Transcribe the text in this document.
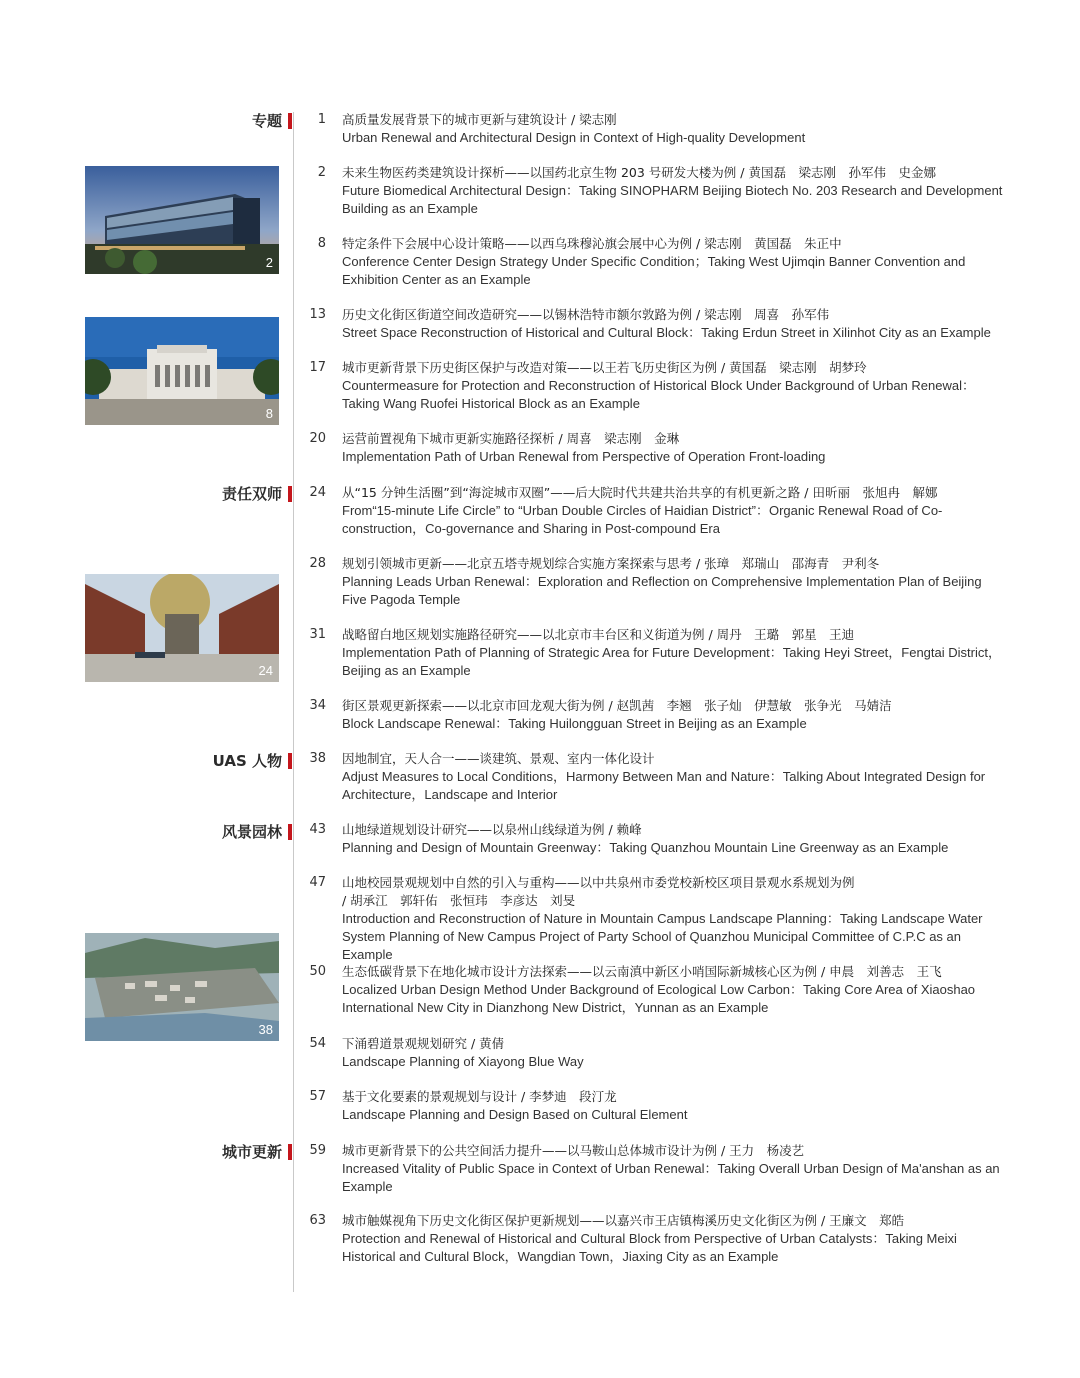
专题
责任双师
UAS 人物
风景园林
城市更新
2
8
24
38
1 高质量发展背景下的城市更新与建筑设计 / 梁志刚
Urban Renewal and Architectural Design in Context of High-quality Development
2 未来生物医药类建筑设计探析——以国药北京生物 203 号研发大楼为例 / 黄国磊　梁志刚　孙军伟　史金娜
Future Biomedical Architectural Design：Taking SINOPHARM Beijing Biotech No. 203 Research and Development Building as an Example
8 特定条件下会展中心设计策略——以西乌珠穆沁旗会展中心为例 / 梁志刚　黄国磊　朱正中
Conference Center Design Strategy Under Specific Condition；Taking West Ujimqin Banner Convention and Exhibition Center as an Example
13 历史文化街区街道空间改造研究——以锡林浩特市额尔敦路为例 / 梁志刚　周喜　孙军伟
Street Space Reconstruction of Historical and Cultural Block：Taking Erdun Street in Xilinhot City as an Example
17 城市更新背景下历史街区保护与改造对策——以王若飞历史街区为例 / 黄国磊　梁志刚　胡梦玲
Countermeasure for Protection and Reconstruction of Historical Block Under Background of Urban Renewal：Taking Wang Ruofei Historical Block as an Example
20 运营前置视角下城市更新实施路径探析 / 周喜　梁志刚　金琳
Implementation Path of Urban Renewal from Perspective of Operation Front-loading
24 从“15 分钟生活圈”到“海淀城市双圈”——后大院时代共建共治共享的有机更新之路 / 田昕丽　张旭冉　解娜
From“15-minute Life Circle” to “Urban Double Circles of Haidian District”：Organic Renewal Road of Co-construction，Co-governance and Sharing in Post-compound Era
28 规划引领城市更新——北京五塔寺规划综合实施方案探索与思考 / 张璋　郑瑞山　邵海青　尹利冬
Planning Leads Urban Renewal：Exploration and Reflection on Comprehensive Implementation Plan of Beijing Five Pagoda Temple
31 战略留白地区规划实施路径研究——以北京市丰台区和义街道为例 / 周丹　王璐　郭星　王迪
Implementation Path of Planning of Strategic Area for Future Development：Taking Heyi Street，Fengtai District，Beijing as an Example
34 街区景观更新探索——以北京市回龙观大街为例 / 赵凯茜　李翘　张子灿　伊慧敏　张争光　马婧洁
Block Landscape Renewal：Taking Huilongguan Street in Beijing as an Example
38 因地制宜，天人合一——谈建筑、景观、室内一体化设计
Adjust Measures to Local Conditions，Harmony Between Man and Nature：Talking About Integrated Design for Architecture，Landscape and Interior
43 山地绿道规划设计研究——以泉州山线绿道为例 / 赖峰
Planning and Design of Mountain Greenway：Taking Quanzhou Mountain Line Greenway as an Example
47 山地校园景观规划中自然的引入与重构——以中共泉州市委党校新校区项目景观水系规划为例
/ 胡承江　郭轩佑　张恒玮　李彦达　刘旻
Introduction and Reconstruction of Nature in Mountain Campus Landscape Planning：Taking Landscape Water System Planning of New Campus Project of Party School of Quanzhou Municipal Committee of C.P.C as an Example
50 生态低碳背景下在地化城市设计方法探索——以云南滇中新区小哨国际新城核心区为例 / 申晨　刘善志　王飞
Localized Urban Design Method Under Background of Ecological Low Carbon：Taking Core Area of Xiaoshao International New City in Dianzhong New District，Yunnan as an Example
54 下涌碧道景观规划研究 / 黄倩
Landscape Planning of Xiayong Blue Way
57 基于文化要素的景观规划与设计 / 李梦迪　段汀龙
Landscape Planning and Design Based on Cultural Element
59 城市更新背景下的公共空间活力提升——以马鞍山总体城市设计为例 / 王力　杨凌艺
Increased Vitality of Public Space in Context of Urban Renewal：Taking Overall Urban Design of Ma'anshan as an Example
63 城市触媒视角下历史文化街区保护更新规划——以嘉兴市王店镇梅溪历史文化街区为例 / 王廉文　郑皓
Protection and Renewal of Historical and Cultural Block from Perspective of Urban Catalysts：Taking Meixi Historical and Cultural Block，Wangdian Town，Jiaxing City as an Example
